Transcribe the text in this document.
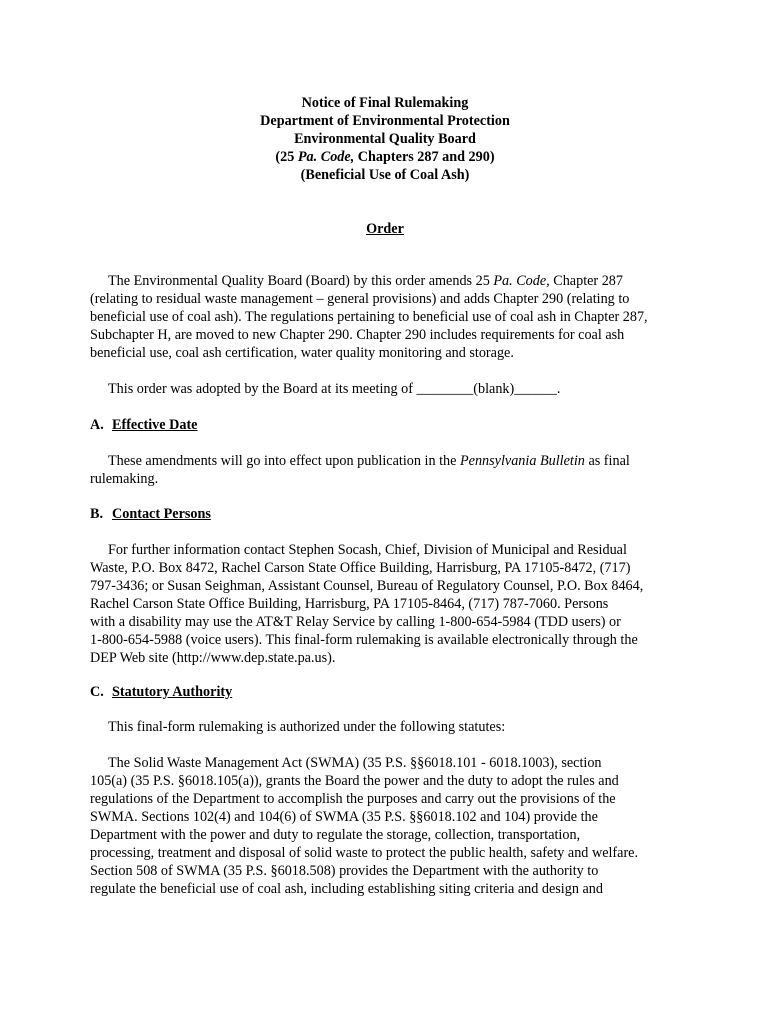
Notice of Final Rulemaking
Department of Environmental Protection
Environmental Quality Board
(25 Pa. Code, Chapters 287 and 290)
(Beneficial Use of Coal Ash)
Order
The Environmental Quality Board (Board) by this order amends 25 Pa. Code, Chapter 287
(relating to residual waste management – general provisions) and adds Chapter 290 (relating to
beneficial use of coal ash). The regulations pertaining to beneficial use of coal ash in Chapter 287,
Subchapter H, are moved to new Chapter 290. Chapter 290 includes requirements for coal ash
beneficial use, coal ash certification, water quality monitoring and storage.
This order was adopted by the Board at its meeting of ________(blank)______.
A. Effective Date
These amendments will go into effect upon publication in the Pennsylvania Bulletin as final
rulemaking.
B. Contact Persons
For further information contact Stephen Socash, Chief, Division of Municipal and Residual
Waste, P.O. Box 8472, Rachel Carson State Office Building, Harrisburg, PA 17105-8472, (717)
797-3436; or Susan Seighman, Assistant Counsel, Bureau of Regulatory Counsel, P.O. Box 8464,
Rachel Carson State Office Building, Harrisburg, PA 17105-8464, (717) 787-7060. Persons
with a disability may use the AT&T Relay Service by calling 1-800-654-5984 (TDD users) or
1-800-654-5988 (voice users). This final-form rulemaking is available electronically through the
DEP Web site (http://www.dep.state.pa.us).
C. Statutory Authority
This final-form rulemaking is authorized under the following statutes:
The Solid Waste Management Act (SWMA) (35 P.S. §§6018.101 - 6018.1003), section
105(a) (35 P.S. §6018.105(a)), grants the Board the power and the duty to adopt the rules and
regulations of the Department to accomplish the purposes and carry out the provisions of the
SWMA. Sections 102(4) and 104(6) of SWMA (35 P.S. §§6018.102 and 104) provide the
Department with the power and duty to regulate the storage, collection, transportation,
processing, treatment and disposal of solid waste to protect the public health, safety and welfare.
Section 508 of SWMA (35 P.S. §6018.508) provides the Department with the authority to
regulate the beneficial use of coal ash, including establishing siting criteria and design and
